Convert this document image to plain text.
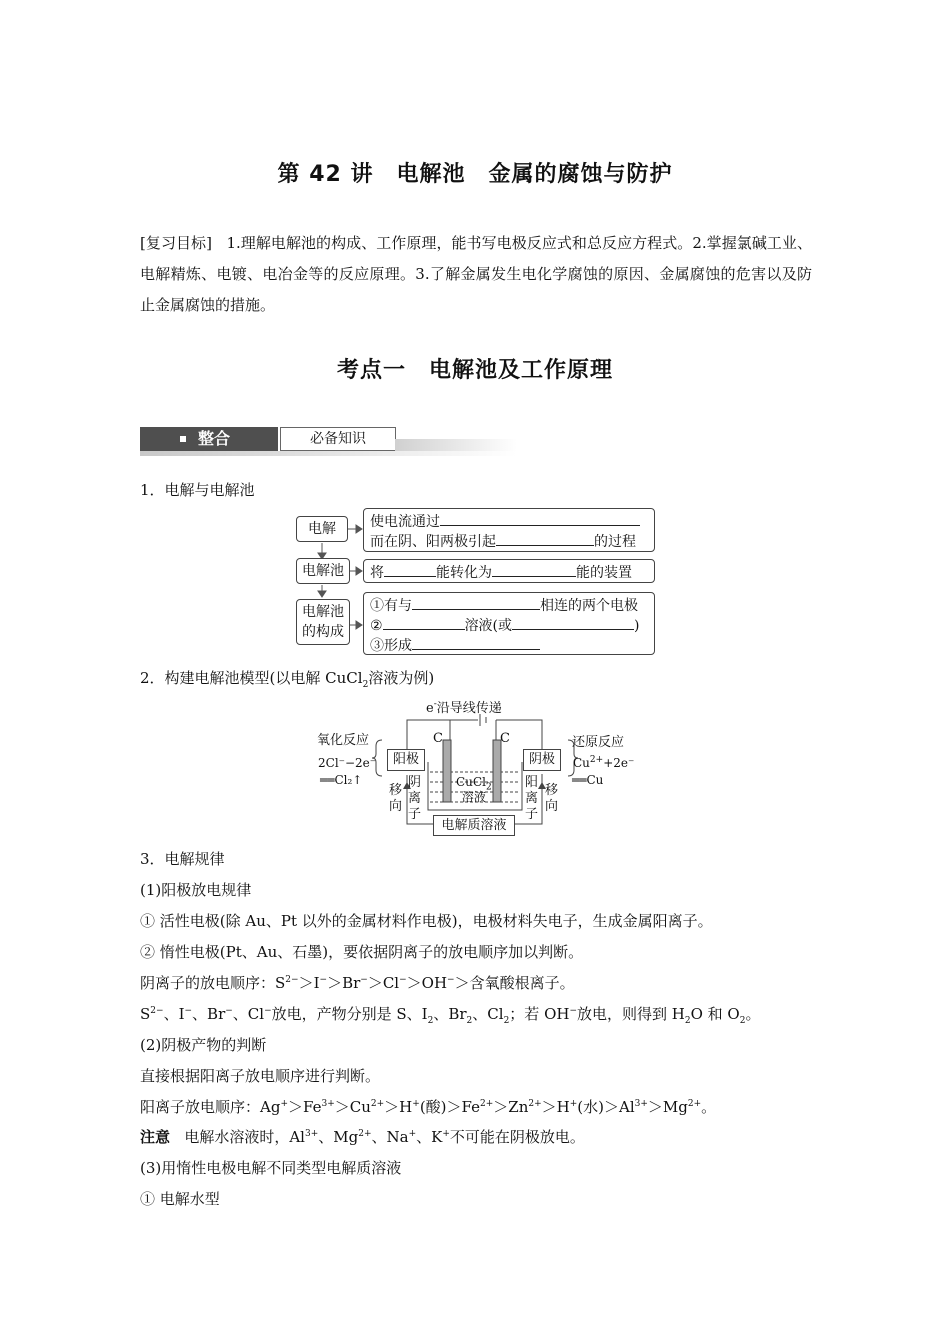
第 42 讲　电解池　金属的腐蚀与防护
[复习目标] 1.理解电解池的构成、工作原理，能书写电极反应式和总反应方程式。2.掌握氯碱工业、电解精炼、电镀、电冶金等的反应原理。3.了解金属发生电化学腐蚀的原因、金属腐蚀的危害以及防止金属腐蚀的措施。
考点一　电解池及工作原理
整合	必备知识
1．电解与电解池
电解	使电流通过
而在阴、阳两极引起	的过程
电解池	将	能转化为	能的装置
电解池
的构成
①有与	相连的两个电极
②	溶液(或	)
③形成
2．构建电解池模型(以电解 CuCl$_2$溶液为例)
e-沿导线传递
C	C
氧化反应	还原反应
阳极	阴极
2Cl⁻−2e⁻
══Cl₂↑
$Cu^{2+}+2e^-$
══Cu
CuCl$_2$
溶液
移向
阴离子
阳离子
移向
电解质溶液
3．电解规律
(1)阳极放电规律
① 活性电极(除 Au、Pt 以外的金属材料作电极)，电极材料失电子，生成金属阳离子。
② 惰性电极(Pt、Au、石墨)，要依据阴离子的放电顺序加以判断。
阴离子的放电顺序：$S^{2-}>I^->Br^->Cl^->OH^->$含氧酸根离子。
$S^{2-}$、I−、Br−、Cl−放电，产物分别是 S、$I_2$、$Br_2$、$Cl_2$；若 OH−放电，则得到 $H_2O$ 和 $O_2$。
(2)阴极产物的判断
直接根据阳离子放电顺序进行判断。
阳离子放电顺序：$Ag^+>Fe^{3+}>Cu^{2+}>H^+$(酸)$>Fe^{2+}>Zn^{2+}>H^+$(水)$>Al^{3+}>Mg^{2+}$。
注意 电解水溶液时，$Al^{3+}$、$Mg^{2+}$、Na+、K+不可能在阴极放电。
(3)用惰性电极电解不同类型电解质溶液
① 电解水型
